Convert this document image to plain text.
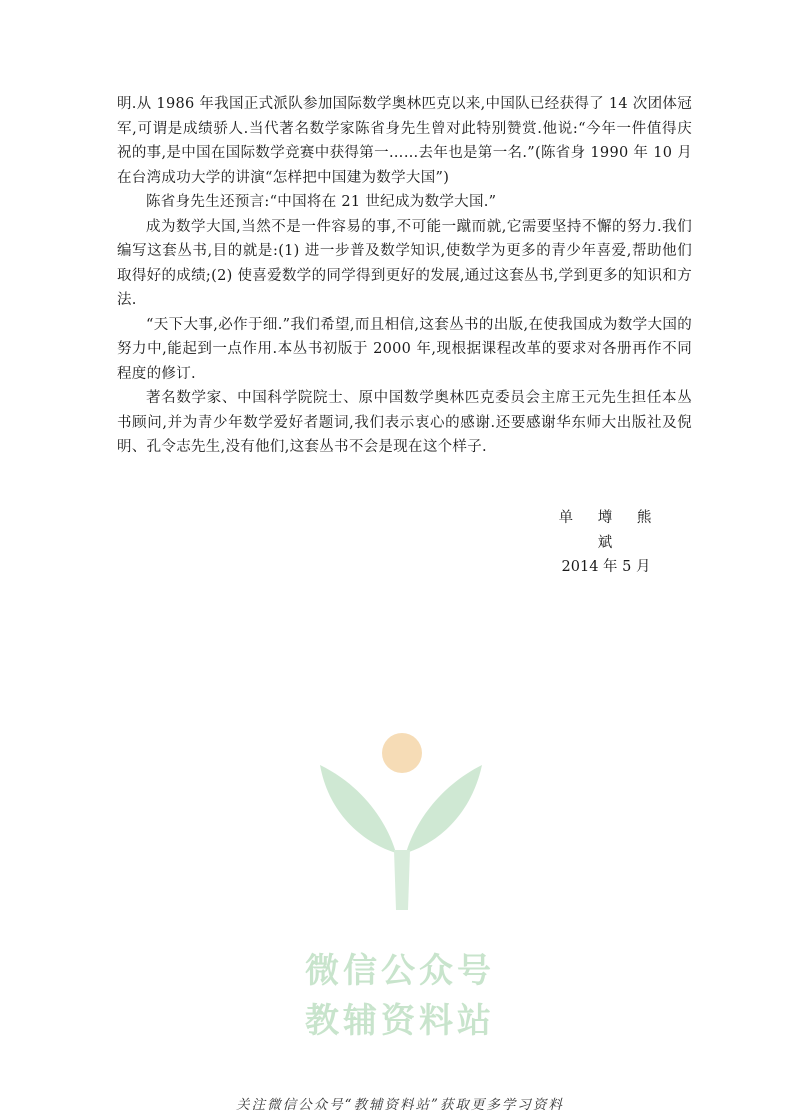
明.从 1986 年我国正式派队参加国际数学奥林匹克以来,中国队已经获得了 14 次团体冠军,可谓是成绩骄人.当代著名数学家陈省身先生曾对此特别赞赏.他说:“今年一件值得庆祝的事,是中国在国际数学竞赛中获得第一……去年也是第一名.”(陈省身 1990 年 10 月在台湾成功大学的讲演“怎样把中国建为数学大国”)

陈省身先生还预言:“中国将在 21 世纪成为数学大国.”

成为数学大国,当然不是一件容易的事,不可能一蹴而就,它需要坚持不懈的努力.我们编写这套丛书,目的就是:(1) 进一步普及数学知识,使数学为更多的青少年喜爱,帮助他们取得好的成绩;(2) 使喜爱数学的同学得到更好的发展,通过这套丛书,学到更多的知识和方法.

“天下大事,必作于细.”我们希望,而且相信,这套丛书的出版,在使我国成为数学大国的努力中,能起到一点作用.本丛书初版于 2000 年,现根据课程改革的要求对各册再作不同程度的修订.

著名数学家、中国科学院院士、原中国数学奥林匹克委员会主席王元先生担任本丛书顾问,并为青少年数学爱好者题词,我们表示衷心的感谢.还要感谢华东师大出版社及倪明、孔令志先生,没有他们,这套丛书不会是现在这个样子.

单 墫 熊 斌
2014 年 5 月
微信公众号
教辅资料站
关注微信公众号“教辅资料站”获取更多学习资料
